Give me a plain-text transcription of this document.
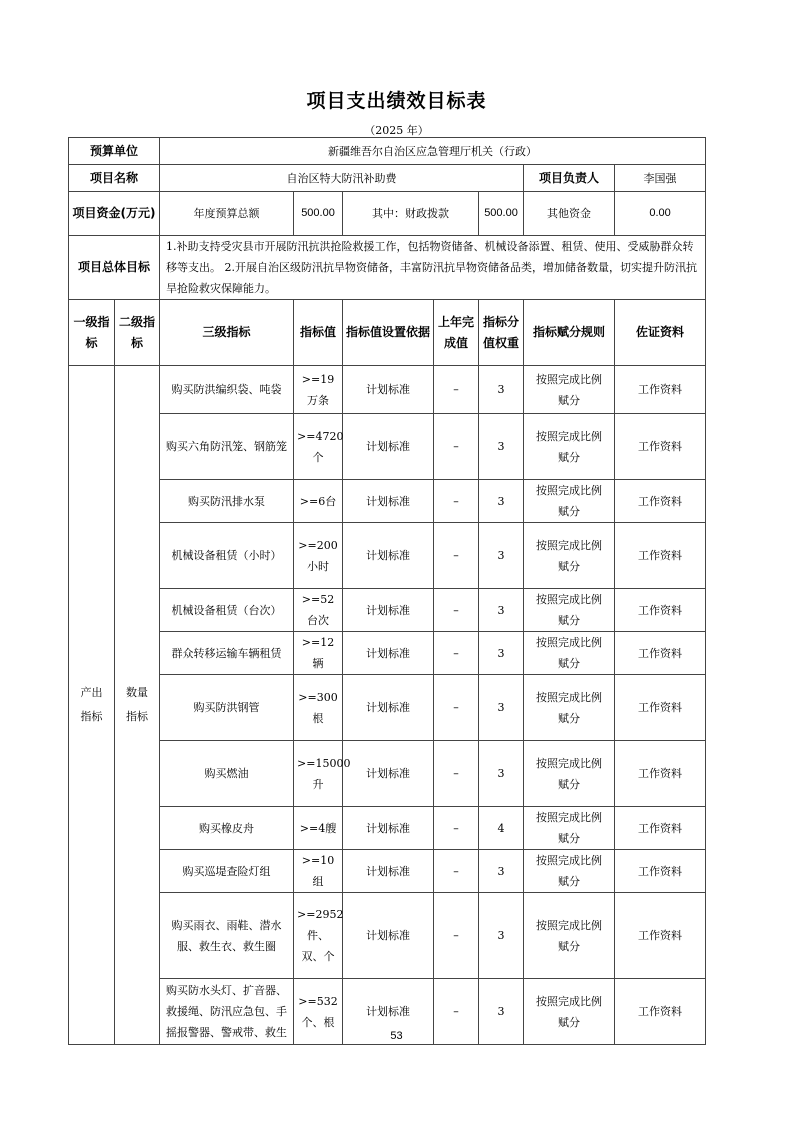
项目支出绩效目标表
（2025 年）
预算单位		新疆维吾尔自治区应急管理厅机关（行政）						
项目名称		自治区特大防汛补助费					项目负责人	李国强
项目资金(万元)		年度预算总额	500.00	其中：财政拨款		500.00	其他资金	0.00
项目总体目标		1.补助支持受灾县市开展防汛抗洪抢险救援工作，包括物资储备、机械设备添置、租赁、使用、受威胁群众转移等支出。 2.开展自治区级防汛抗旱物资储备，丰富防汛抗旱物资储备品类，增加储备数量，切实提升防汛抗旱抢险救灾保障能力。						
一级指标	二级指标	三级指标	指标值	指标值设置依据	上年完成值	指标分值权重	指标赋分规则	佐证资料
产出指标	数量指标	购买防洪编织袋、吨袋	>=19万条	计划标准	–	3	按照完成比例赋分	工作资料
		购买六角防汛笼、钢筋笼	>=4720个	计划标准	–	3	按照完成比例赋分	工作资料
		购买防汛排水泵	>=6台	计划标准	–	3	按照完成比例赋分	工作资料
		机械设备租赁（小时）	>=200小时	计划标准	–	3	按照完成比例赋分	工作资料
		机械设备租赁（台次）	>=52台次	计划标准	–	3	按照完成比例赋分	工作资料
		群众转移运输车辆租赁	>=12辆	计划标准	–	3	按照完成比例赋分	工作资料
		购买防洪钢管	>=300根	计划标准	–	3	按照完成比例赋分	工作资料
		购买燃油	>=15000升	计划标准	–	3	按照完成比例赋分	工作资料
		购买橡皮舟	>=4艘	计划标准	–	4	按照完成比例赋分	工作资料
		购买巡堤查险灯组	>=10组	计划标准	–	3	按照完成比例赋分	工作资料
		购买雨衣、雨鞋、潜水服、救生衣、救生圈	>=2952件、双、个	计划标准	–	3	按照完成比例赋分	工作资料
		购买防水头灯、扩音器、救援绳、防汛应急包、手摇报警器、警戒带、救生	>=532个、根	计划标准	–	3	按照完成比例赋分	工作资料
53
